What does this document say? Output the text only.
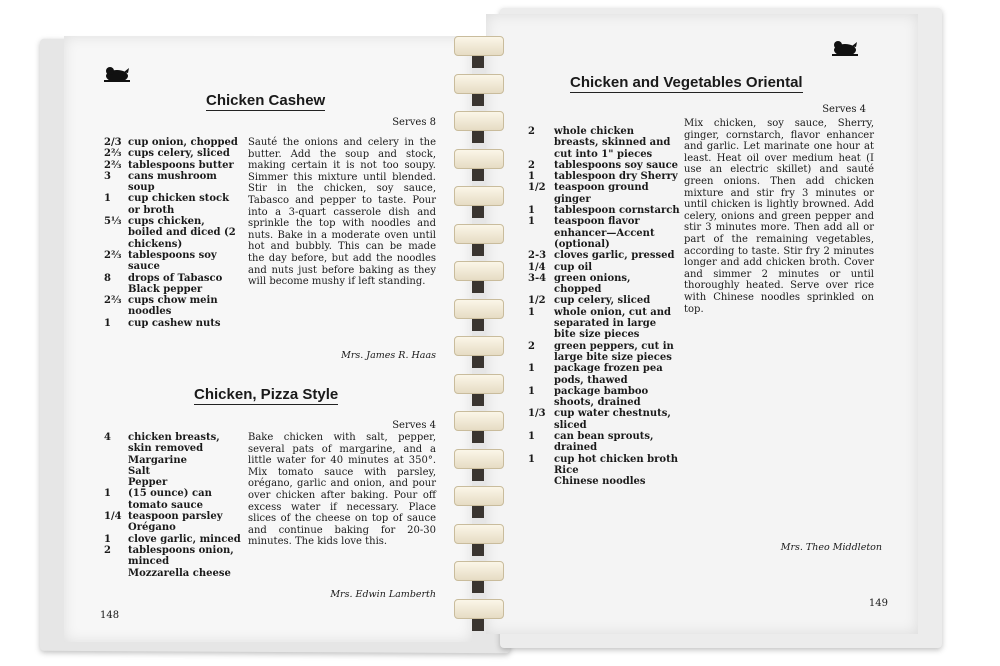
Chicken Cashew
Serves 8
2/3 cup onion, chopped
2⅔ cups celery, sliced
2⅔ tablespoons butter
3	cans mushroom soup
1	cup chicken stock or broth
5⅓ cups chicken, boiled and diced (2 chickens)
2⅔ tablespoons soy sauce
8	drops of Tabasco
Black pepper
2⅔ cups chow mein noodles
1	cup cashew nuts
Sauté the onions and celery in the butter. Add the soup and stock, making certain it is not too soupy. Simmer this mixture until blended. Stir in the chicken, soy sauce, Tabasco and pepper to taste. Pour into a 3-quart casserole dish and sprinkle the top with noodles and nuts. Bake in a moderate oven until hot and bubbly. This can be made the day before, but add the noodles and nuts just before baking as they will become mushy if left standing.
Mrs. James R. Haas
Chicken, Pizza Style
Serves 4
4	chicken breasts, skin removed
Margarine
Salt
Pepper
1	(15 ounce) can tomato sauce
1/4 teaspoon parsley
Orégano
1	clove garlic, minced
2	tablespoons onion, minced
Mozzarella cheese
Bake chicken with salt, pepper, several pats of margarine, and a little water for 40 minutes at 350°. Mix tomato sauce with parsley, orégano, garlic and onion, and pour over chicken after baking. Pour off excess water if necessary. Place slices of the cheese on top of sauce and continue baking for 20-30 minutes. The kids love this.
Mrs. Edwin Lamberth
148
Chicken and Vegetables Oriental
Serves 4
2	whole chicken breasts, skinned and cut into 1" pieces
2	tablespoons soy sauce
1	tablespoon dry Sherry
1/2 teaspoon ground ginger
1	tablespoon cornstarch
1	teaspoon flavor enhancer—Accent (optional)
2-3 cloves garlic, pressed
1/4 cup oil
3-4 green onions, chopped
1/2 cup celery, sliced
1	whole onion, cut and separated in large bite size pieces
2	green peppers, cut in large bite size pieces
1	package frozen pea pods, thawed
1	package bamboo shoots, drained
1/3 cup water chestnuts, sliced
1	can bean sprouts, drained
1	cup hot chicken broth
Rice
Chinese noodles
Mix chicken, soy sauce, Sherry, ginger, cornstarch, flavor enhancer and garlic. Let marinate one hour at least. Heat oil over medium heat (I use an electric skillet) and sauté green onions. Then add chicken mixture and stir fry 3 minutes or until chicken is lightly browned. Add celery, onions and green pepper and stir 3 minutes more. Then add all or part of the remaining vegetables, according to taste. Stir fry 2 minutes longer and add chicken broth. Cover and simmer 2 minutes or until thoroughly heated. Serve over rice with Chinese noodles sprinkled on top.
Mrs. Theo Middleton
149
